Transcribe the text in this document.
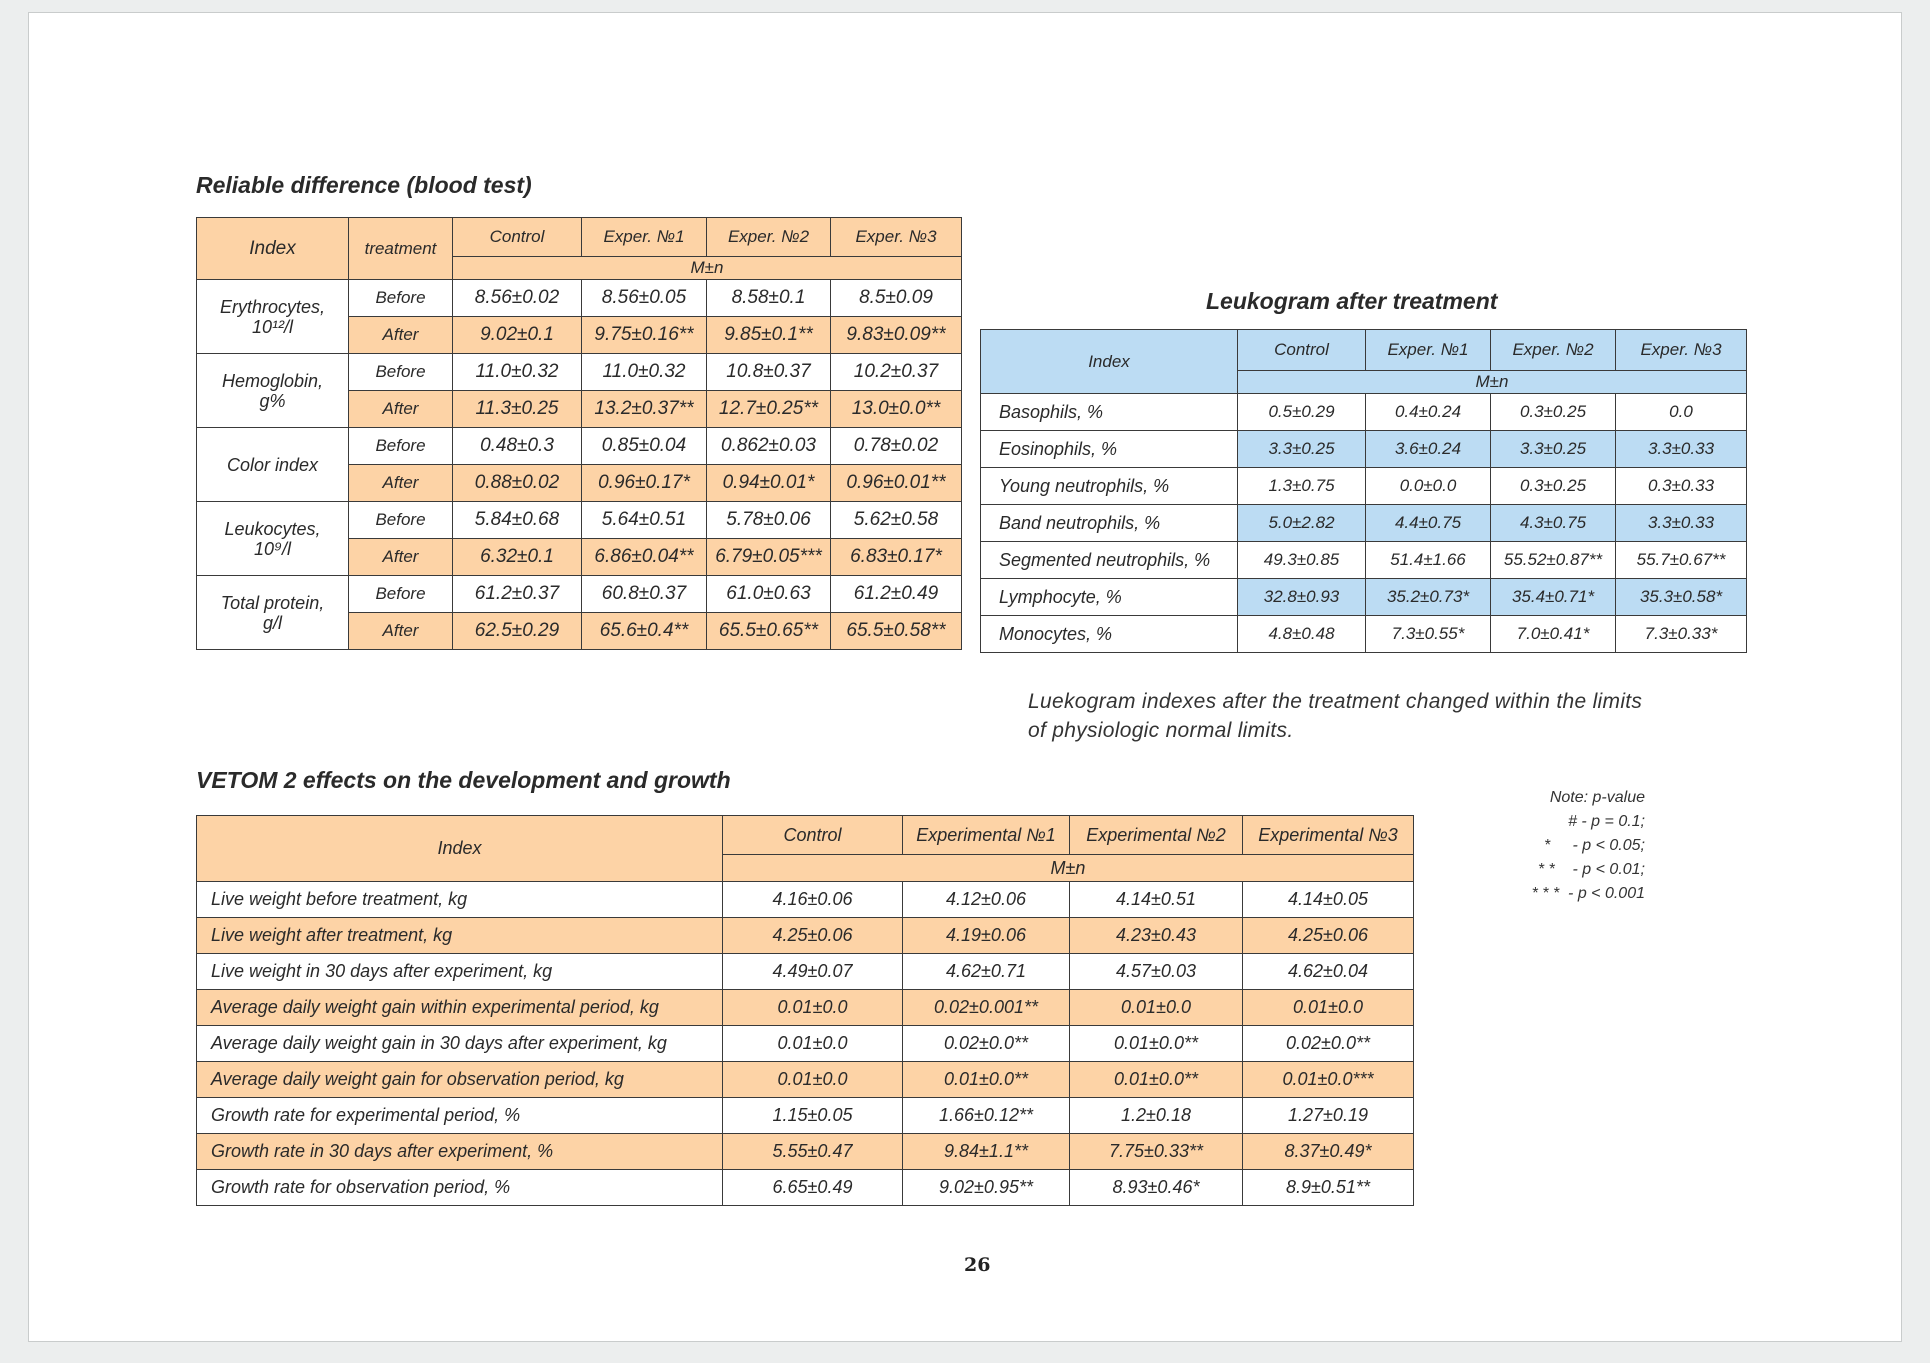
Reliable difference (blood test)
Index	treatment	Control	Exper. №1	Exper. №2	Exper. №3
		M±n			

Erythrocytes,
10¹²/l	Before	8.56±0.02	8.56±0.05	8.58±0.1	8.5±0.09
	After	9.02±0.1	9.75±0.16**	9.85±0.1**	9.83±0.09**

Hemoglobin,
g%	Before	11.0±0.32	11.0±0.32	10.8±0.37	10.2±0.37
	After	11.3±0.25	13.2±0.37**	12.7±0.25**	13.0±0.0**

Color index	Before	0.48±0.3	0.85±0.04	0.862±0.03	0.78±0.02
	After	0.88±0.02	0.96±0.17*	0.94±0.01*	0.96±0.01**

Leukocytes,
10⁹/l	Before	5.84±0.68	5.64±0.51	5.78±0.06	5.62±0.58
	After	6.32±0.1	6.86±0.04**	6.79±0.05***	6.83±0.17*

Total protein,
g/l	Before	61.2±0.37	60.8±0.37	61.0±0.63	61.2±0.49
	After	62.5±0.29	65.6±0.4**	65.5±0.65**	65.5±0.58**
Leukogram after treatment
Index	Control	Exper. №1	Exper. №2	Exper. №3
	M±n			
Basophils, %	0.5±0.29	0.4±0.24	0.3±0.25	0.0
Eosinophils, %	3.3±0.25	3.6±0.24	3.3±0.25	3.3±0.33
Young neutrophils, %	1.3±0.75	0.0±0.0	0.3±0.25	0.3±0.33
Band neutrophils, %	5.0±2.82	4.4±0.75	4.3±0.75	3.3±0.33
Segmented neutrophils, %	49.3±0.85	51.4±1.66	55.52±0.87**	55.7±0.67**
Lymphocyte, %	32.8±0.93	35.2±0.73*	35.4±0.71*	35.3±0.58*
Monocytes, %	4.8±0.48	7.3±0.55*	7.0±0.41*	7.3±0.33*
Luekogram indexes after the treatment changed within the limits
of physiologic normal limits.
VETOM 2 effects on the development and growth
Index	Control	Experimental №1	Experimental №2	Experimental №3
	M±n			
Live weight before treatment, kg	4.16±0.06	4.12±0.06	4.14±0.51	4.14±0.05
Live weight after treatment, kg	4.25±0.06	4.19±0.06	4.23±0.43	4.25±0.06
Live weight in 30 days after experiment, kg	4.49±0.07	4.62±0.71	4.57±0.03	4.62±0.04
Average daily weight gain within experimental period, kg	0.01±0.0	0.02±0.001**	0.01±0.0	0.01±0.0
Average daily weight gain in 30 days after experiment, kg	0.01±0.0	0.02±0.0**	0.01±0.0**	0.02±0.0**
Average daily weight gain for observation period, kg	0.01±0.0	0.01±0.0**	0.01±0.0**	0.01±0.0***
Growth rate for experimental period, %	1.15±0.05	1.66±0.12**	1.2±0.18	1.27±0.19
Growth rate in 30 days after experiment, %	5.55±0.47	9.84±1.1**	7.75±0.33**	8.37±0.49*
Growth rate for observation period, %	6.65±0.49	9.02±0.95**	8.93±0.46*	8.9±0.51**
Note: p-value
# - p = 0.1;
*     - p < 0.05;
* *    - p < 0.01;
* * *  - p < 0.001
26
